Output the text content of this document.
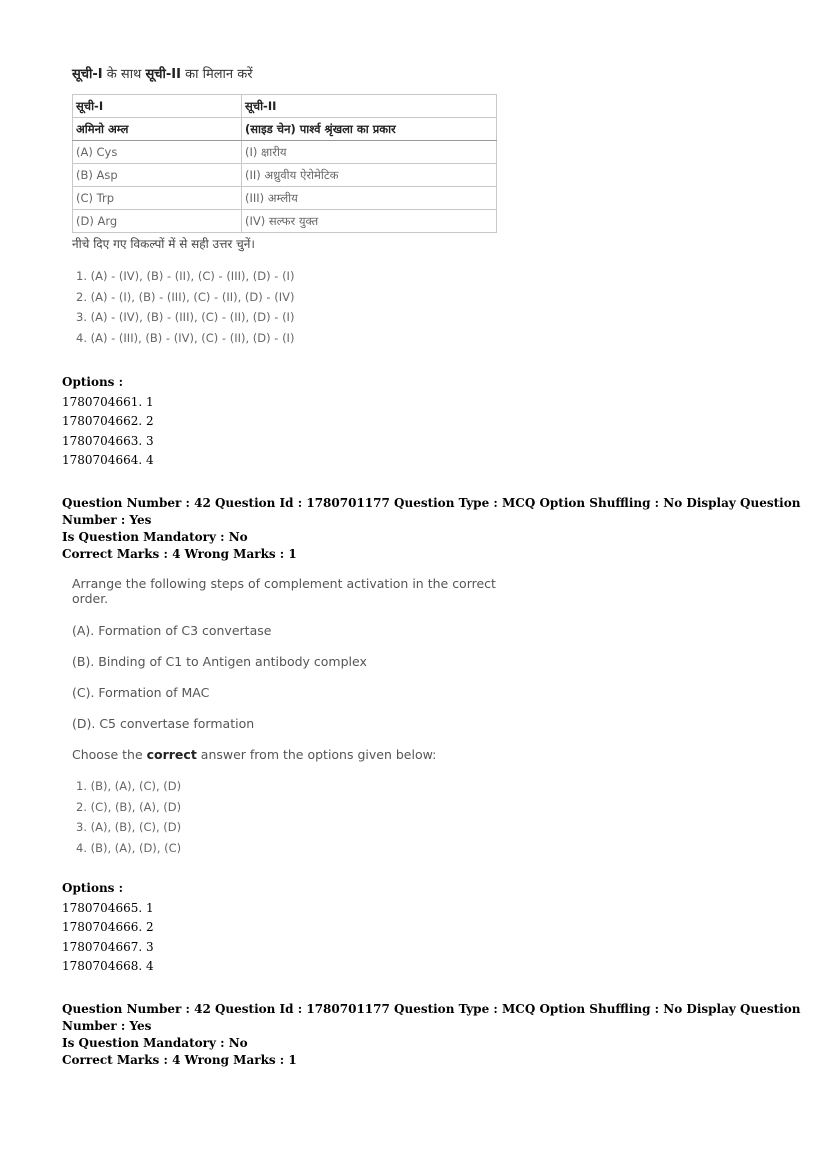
सूची-I के साथ सूची-II का मिलान करें

सूची-I	सूची-II
अमिनो अम्ल	(साइड चेन) पार्श्व श्रृंखला का प्रकार
(A) Cys	(I) क्षारीय
(B) Asp	(II) अध्रुवीय ऐरोमेटिक
(C) Trp	(III) अम्लीय
(D) Arg	(IV) सल्फर युक्त

नीचे दिए गए विकल्पों में से सही उत्तर चुनें।

1. (A) - (IV), (B) - (II), (C) - (III), (D) - (I)
2. (A) - (I), (B) - (III), (C) - (II), (D) - (IV)
3. (A) - (IV), (B) - (III), (C) - (II), (D) - (I)
4. (A) - (III), (B) - (IV), (C) - (II), (D) - (I)
Options :
1780704661. 1
1780704662. 2
1780704663. 3
1780704664. 4
Question Number : 42 Question Id : 1780701177 Question Type : MCQ Option Shuffling : No Display Question Number : Yes
Is Question Mandatory : No
Correct Marks : 4 Wrong Marks : 1

Arrange the following steps of complement activation in the correct order.

(A). Formation of C3 convertase

(B). Binding of C1 to Antigen antibody complex

(C). Formation of MAC

(D). C5 convertase formation

Choose the correct answer from the options given below:

1. (B), (A), (C), (D)
2. (C), (B), (A), (D)
3. (A), (B), (C), (D)
4. (B), (A), (D), (C)
Options :
1780704665. 1
1780704666. 2
1780704667. 3
1780704668. 4
Question Number : 42 Question Id : 1780701177 Question Type : MCQ Option Shuffling : No Display Question Number : Yes
Is Question Mandatory : No
Correct Marks : 4 Wrong Marks : 1
